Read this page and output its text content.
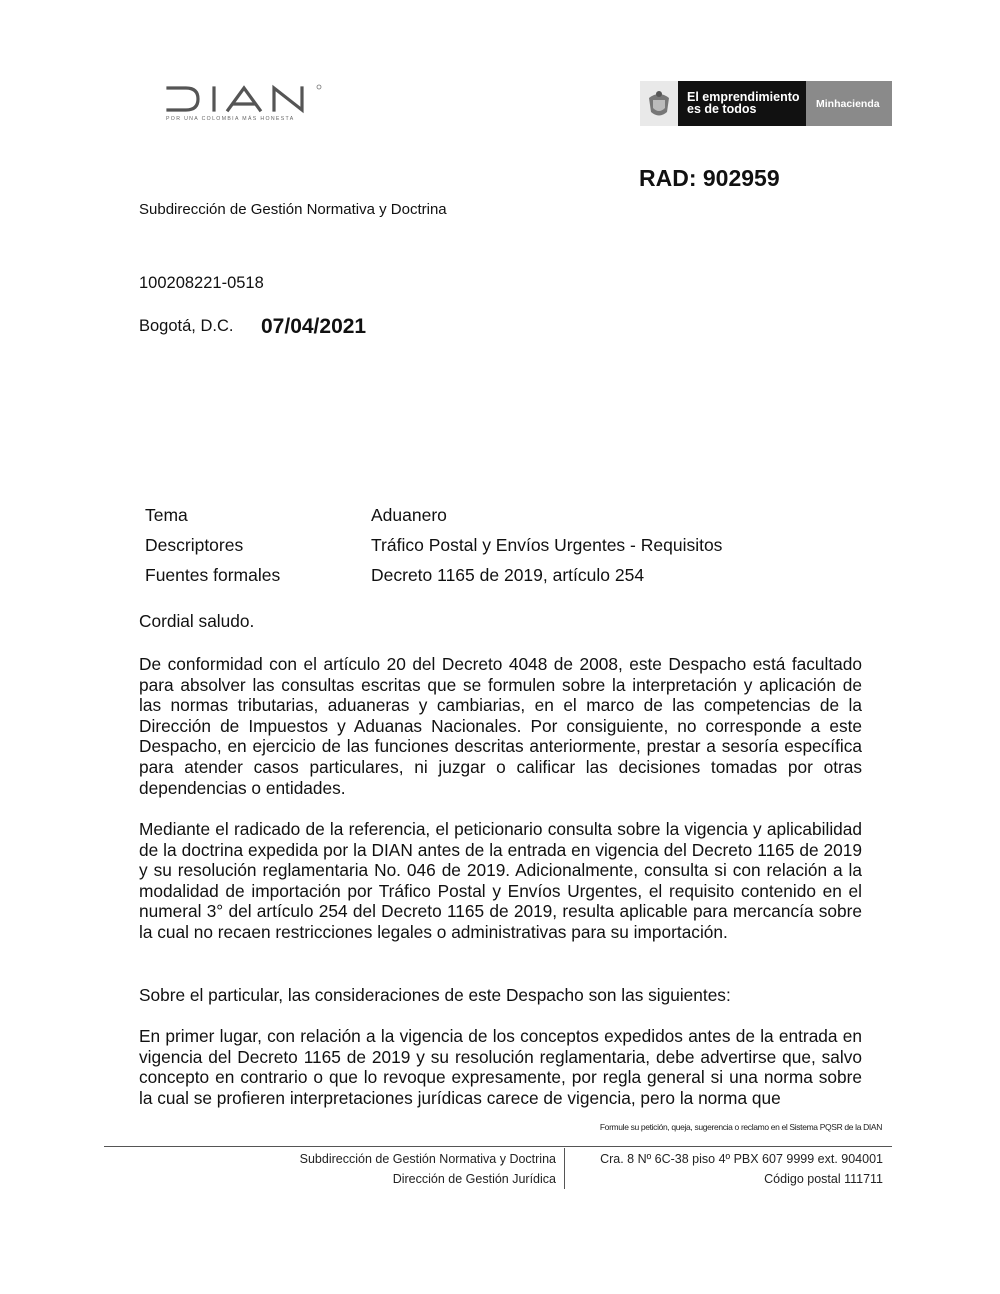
POR UNA COLOMBIA MÁS HONESTA
El emprendimiento es de todos	Minhacienda
RAD: 902959
Subdirección de Gestión Normativa y Doctrina
100208221-0518
Bogotá, D.C. 07/04/2021
Tema	Aduanero
Descriptores	Tráfico Postal y Envíos Urgentes - Requisitos
Fuentes formales	Decreto 1165 de 2019, artículo 254
Cordial saludo.
De conformidad con el artículo 20 del Decreto 4048 de 2008, este Despacho está facultado para absolver las consultas escritas que se formulen sobre la interpretación y aplicación de las normas tributarias, aduaneras y cambiarias, en el marco de las competencias de la Dirección de Impuestos y Aduanas Nacionales. Por consiguiente, no corresponde a este Despacho, en ejercicio de las funciones descritas anteriormente, prestar a sesoría específica para atender casos particulares, ni juzgar o calificar las decisiones tomadas por otras dependencias o entidades.
Mediante el radicado de la referencia, el peticionario consulta sobre la vigencia y aplicabilidad de la doctrina expedida por la DIAN antes de la entrada en vigencia del Decreto 1165 de 2019 y su resolución reglamentaria No. 046 de 2019. Adicionalmente, consulta si con relación a la modalidad de importación por Tráfico Postal y Envíos Urgentes, el requisito contenido en el numeral 3° del artículo 254 del Decreto 1165 de 2019, resulta aplicable para mercancía sobre la cual no recaen restricciones legales o administrativas para su importación.
Sobre el particular, las consideraciones de este Despacho son las siguientes:
En primer lugar, con relación a la vigencia de los conceptos expedidos antes de la entrada en vigencia del Decreto 1165 de 2019 y su resolución reglamentaria, debe advertirse que, salvo concepto en contrario o que lo revoque expresamente, por regla general si una norma sobre la cual se profieren interpretaciones jurídicas carece de vigencia, pero la norma que
Formule su petición, queja, sugerencia o reclamo en el Sistema PQSR de la DIAN
Subdirección de Gestión Normativa y Doctrina
Dirección de Gestión Jurídica
Cra. 8 Nº 6C-38 piso 4º PBX 607 9999 ext. 904001
Código postal 111711
